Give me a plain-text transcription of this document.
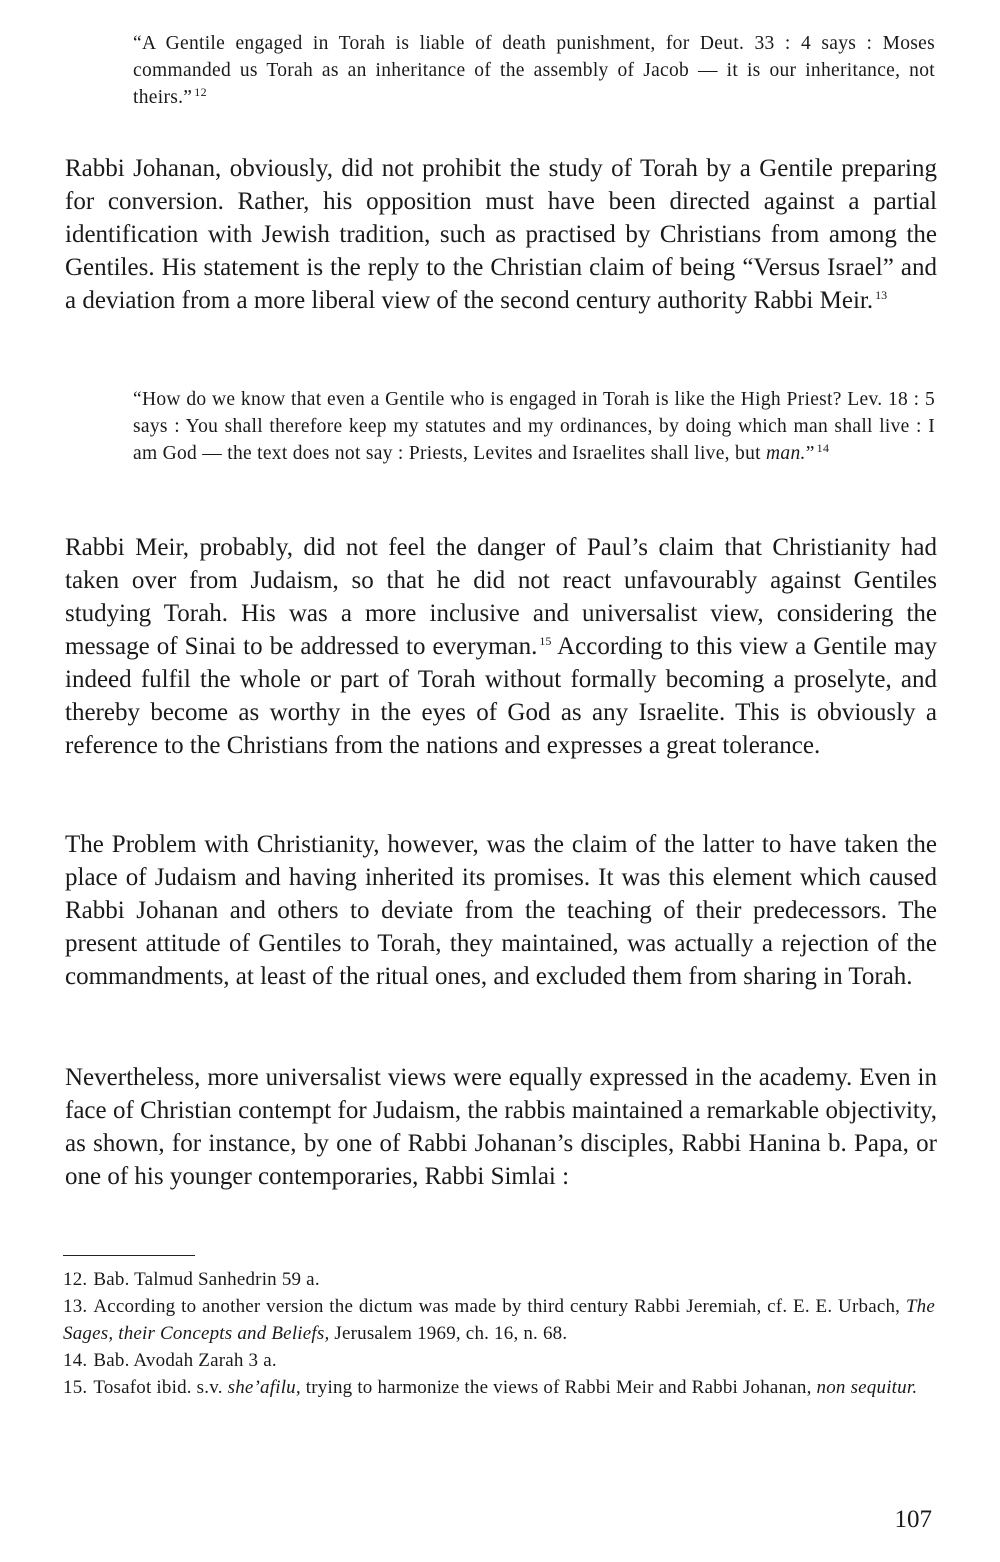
“A Gentile engaged in Torah is liable of death punishment, for Deut. 33 : 4 says : Moses commanded us Torah as an inheritance of the assembly of Jacob — it is our inheritance, not theirs.” $^{12}$

Rabbi Johanan, obviously, did not prohibit the study of Torah by a Gentile preparing for conversion. Rather, his opposition must have been directed against a partial identification with Jewish tradition, such as practised by Christians from among the Gentiles. His statement is the reply to the Christian claim of being “Versus Israel” and a deviation from a more liberal view of the second century authority Rabbi Meir. $^{13}$

“How do we know that even a Gentile who is engaged in Torah is like the High Priest? Lev. 18 : 5 says : You shall therefore keep my statutes and my ordinances, by doing which man shall live : I am God — the text does not say : Priests, Levites and Israelites shall live, but man.” $^{14}$

Rabbi Meir, probably, did not feel the danger of Paul’s claim that Christianity had taken over from Judaism, so that he did not react unfavourably against Gentiles studying Torah. His was a more inclusive and universalist view, considering the message of Sinai to be addressed to everyman. $^{15}$ According to this view a Gentile may indeed fulfil the whole or part of Torah without formally becoming a proselyte, and thereby become as worthy in the eyes of God as any Israelite. This is obviously a reference to the Christians from the nations and expresses a great tolerance.

The Problem with Christianity, however, was the claim of the latter to have taken the place of Judaism and having inherited its promises. It was this element which caused Rabbi Johanan and others to deviate from the teaching of their predecessors. The present attitude of Gentiles to Torah, they maintained, was actually a rejection of the commandments, at least of the ritual ones, and excluded them from sharing in Torah.

Nevertheless, more universalist views were equally expressed in the academy. Even in face of Christian contempt for Judaism, the rabbis maintained a remarkable objectivity, as shown, for instance, by one of Rabbi Johanan’s disciples, Rabbi Hanina b. Papa, or one of his younger contemporaries, Rabbi Simlai :

12. Bab. Talmud Sanhedrin 59 a.
13. According to another version the dictum was made by third century Rabbi Jeremiah, cf. E. E. Urbach, The Sages, their Concepts and Beliefs, Jerusalem 1969, ch. 16, n. 68.
14. Bab. Avodah Zarah 3 a.
15. Tosafot ibid. s.v. she’afilu, trying to harmonize the views of Rabbi Meir and Rabbi Johanan, non sequitur.
107
